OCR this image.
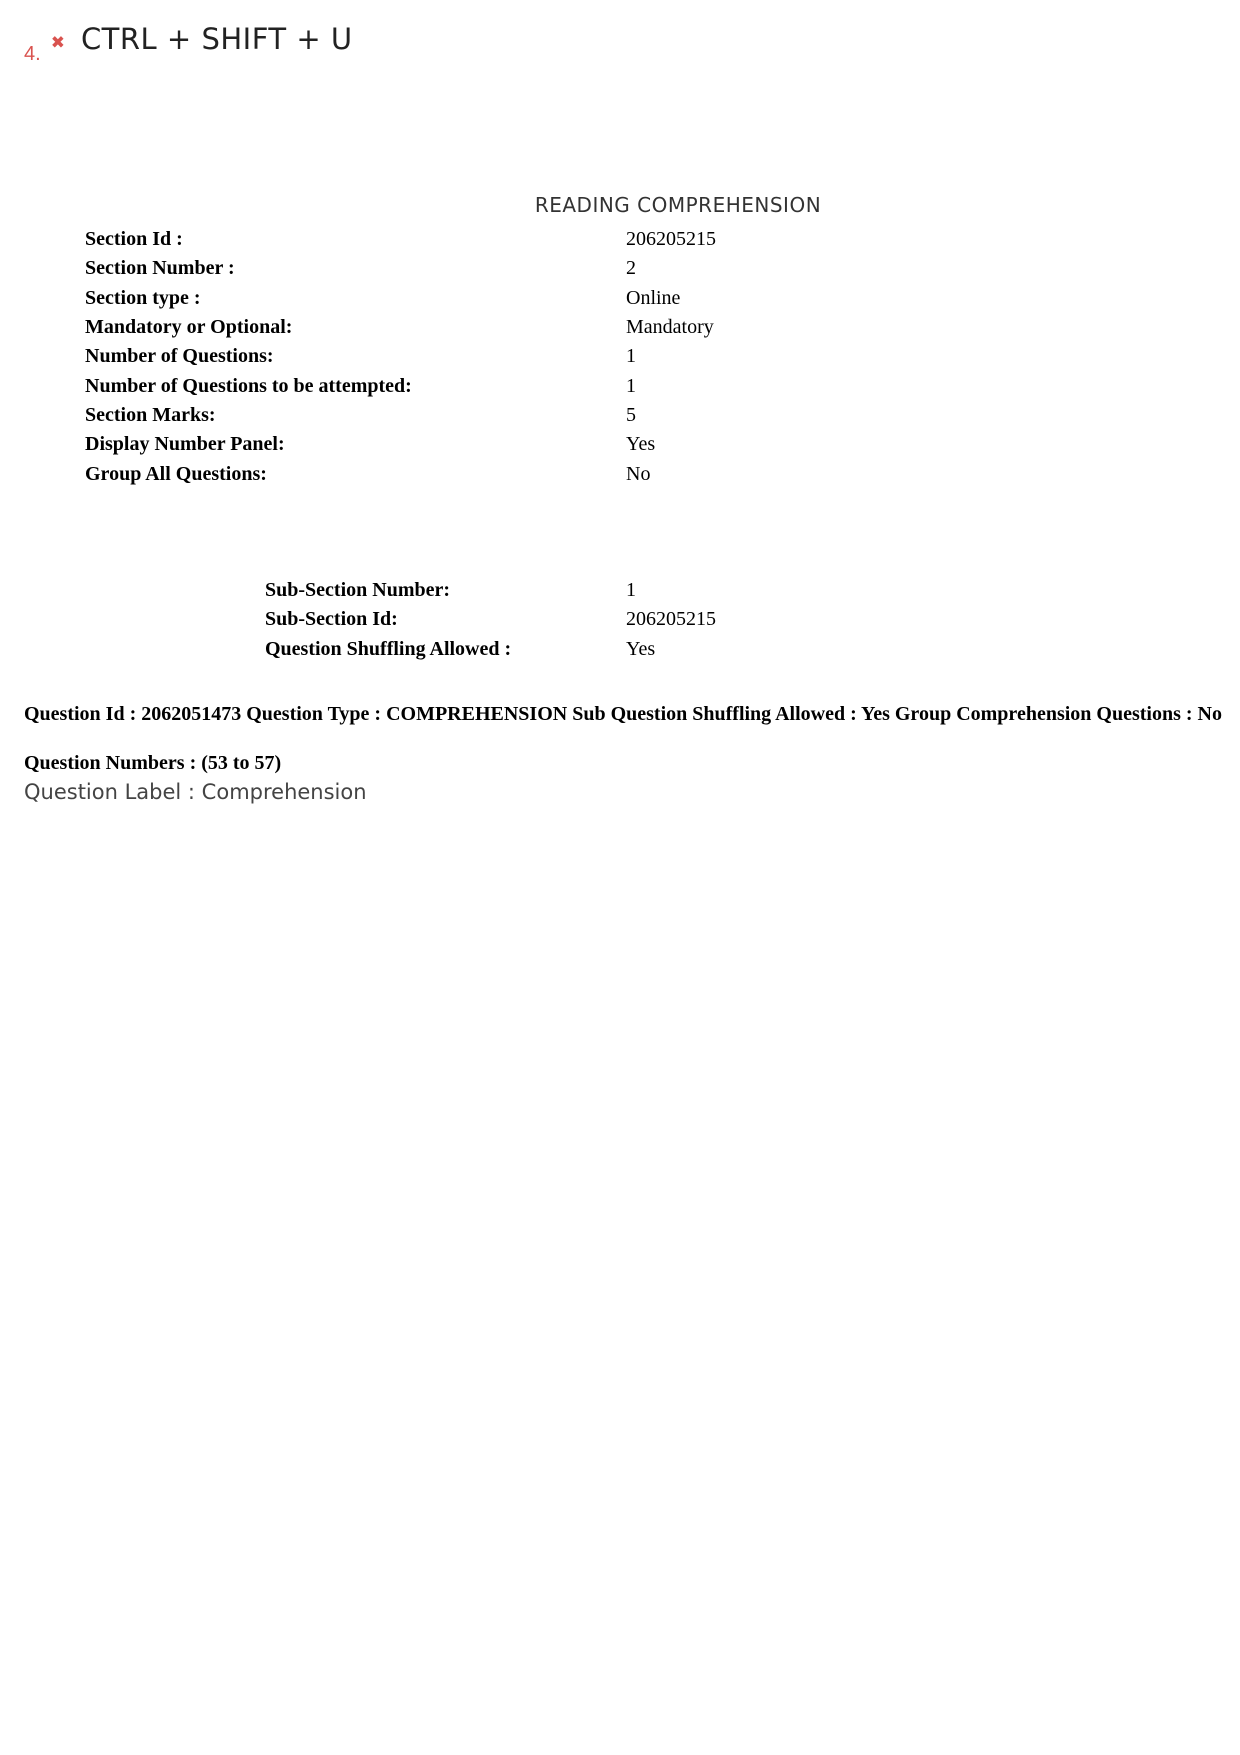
4. ✖ CTRL + SHIFT + U
READING COMPREHENSION
Section Id :	206205215
Section Number :	2
Section type :	Online
Mandatory or Optional:	Mandatory
Number of Questions:	1
Number of Questions to be attempted:	1
Section Marks:	5
Display Number Panel:	Yes
Group All Questions:	No
Sub-Section Number:	1
Sub-Section Id:	206205215
Question Shuffling Allowed :	Yes
Question Id : 2062051473 Question Type : COMPREHENSION Sub Question Shuffling Allowed : Yes Group Comprehension Questions : No
Question Numbers : (53 to 57)
Question Label : Comprehension
